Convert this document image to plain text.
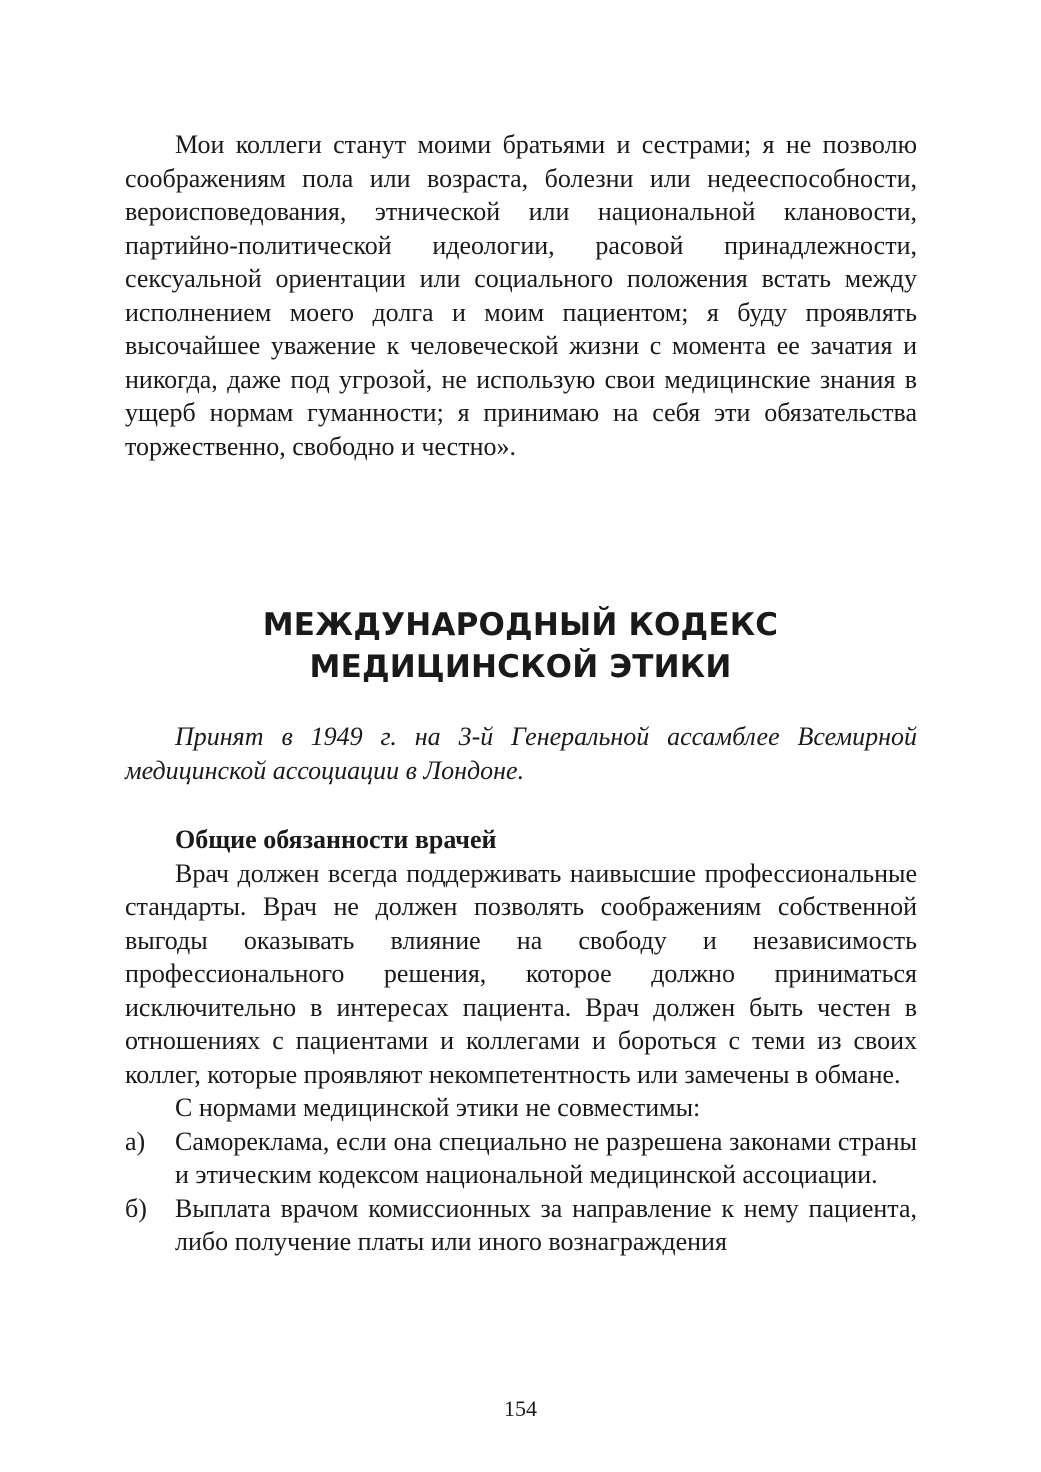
Мои коллеги станут моими братьями и сестрами; я не позволю соображениям пола или возраста, болезни или недееспособности, вероисповедования, этнической или национальной клановости, партийно-политической идеологии, расовой принадлежности, сексуальной ориентации или социального положения встать между исполнением моего долга и моим пациентом; я буду проявлять высочайшее уважение к человеческой жизни с момента ее зачатия и никогда, даже под угрозой, не использую свои медицинские знания в ущерб нормам гуманности; я принимаю на себя эти обязательства торжественно, свободно и честно».

МЕЖДУНАРОДНЫЙ КОДЕКС
МЕДИЦИНСКОЙ ЭТИКИ

Принят в 1949 г. на 3-й Генеральной ассамблее Всемирной медицинской ассоциации в Лондоне.

Общие обязанности врачей

Врач должен всегда поддерживать наивысшие профессиональные стандарты. Врач не должен позволять соображениям собственной выгоды оказывать влияние на свободу и независимость профессионального решения, которое должно приниматься исключительно в интересах пациента. Врач должен быть честен в отношениях с пациентами и коллегами и бороться с теми из своих коллег, которые проявляют некомпетентность или замечены в обмане.

С нормами медицинской этики не совместимы:

а)	Самореклама, если она специально не разрешена законами страны и этическим кодексом национальной медицинской ассоциации.
б)	Выплата врачом комиссионных за направление к нему пациента, либо получение платы или иного вознаграждения
154
